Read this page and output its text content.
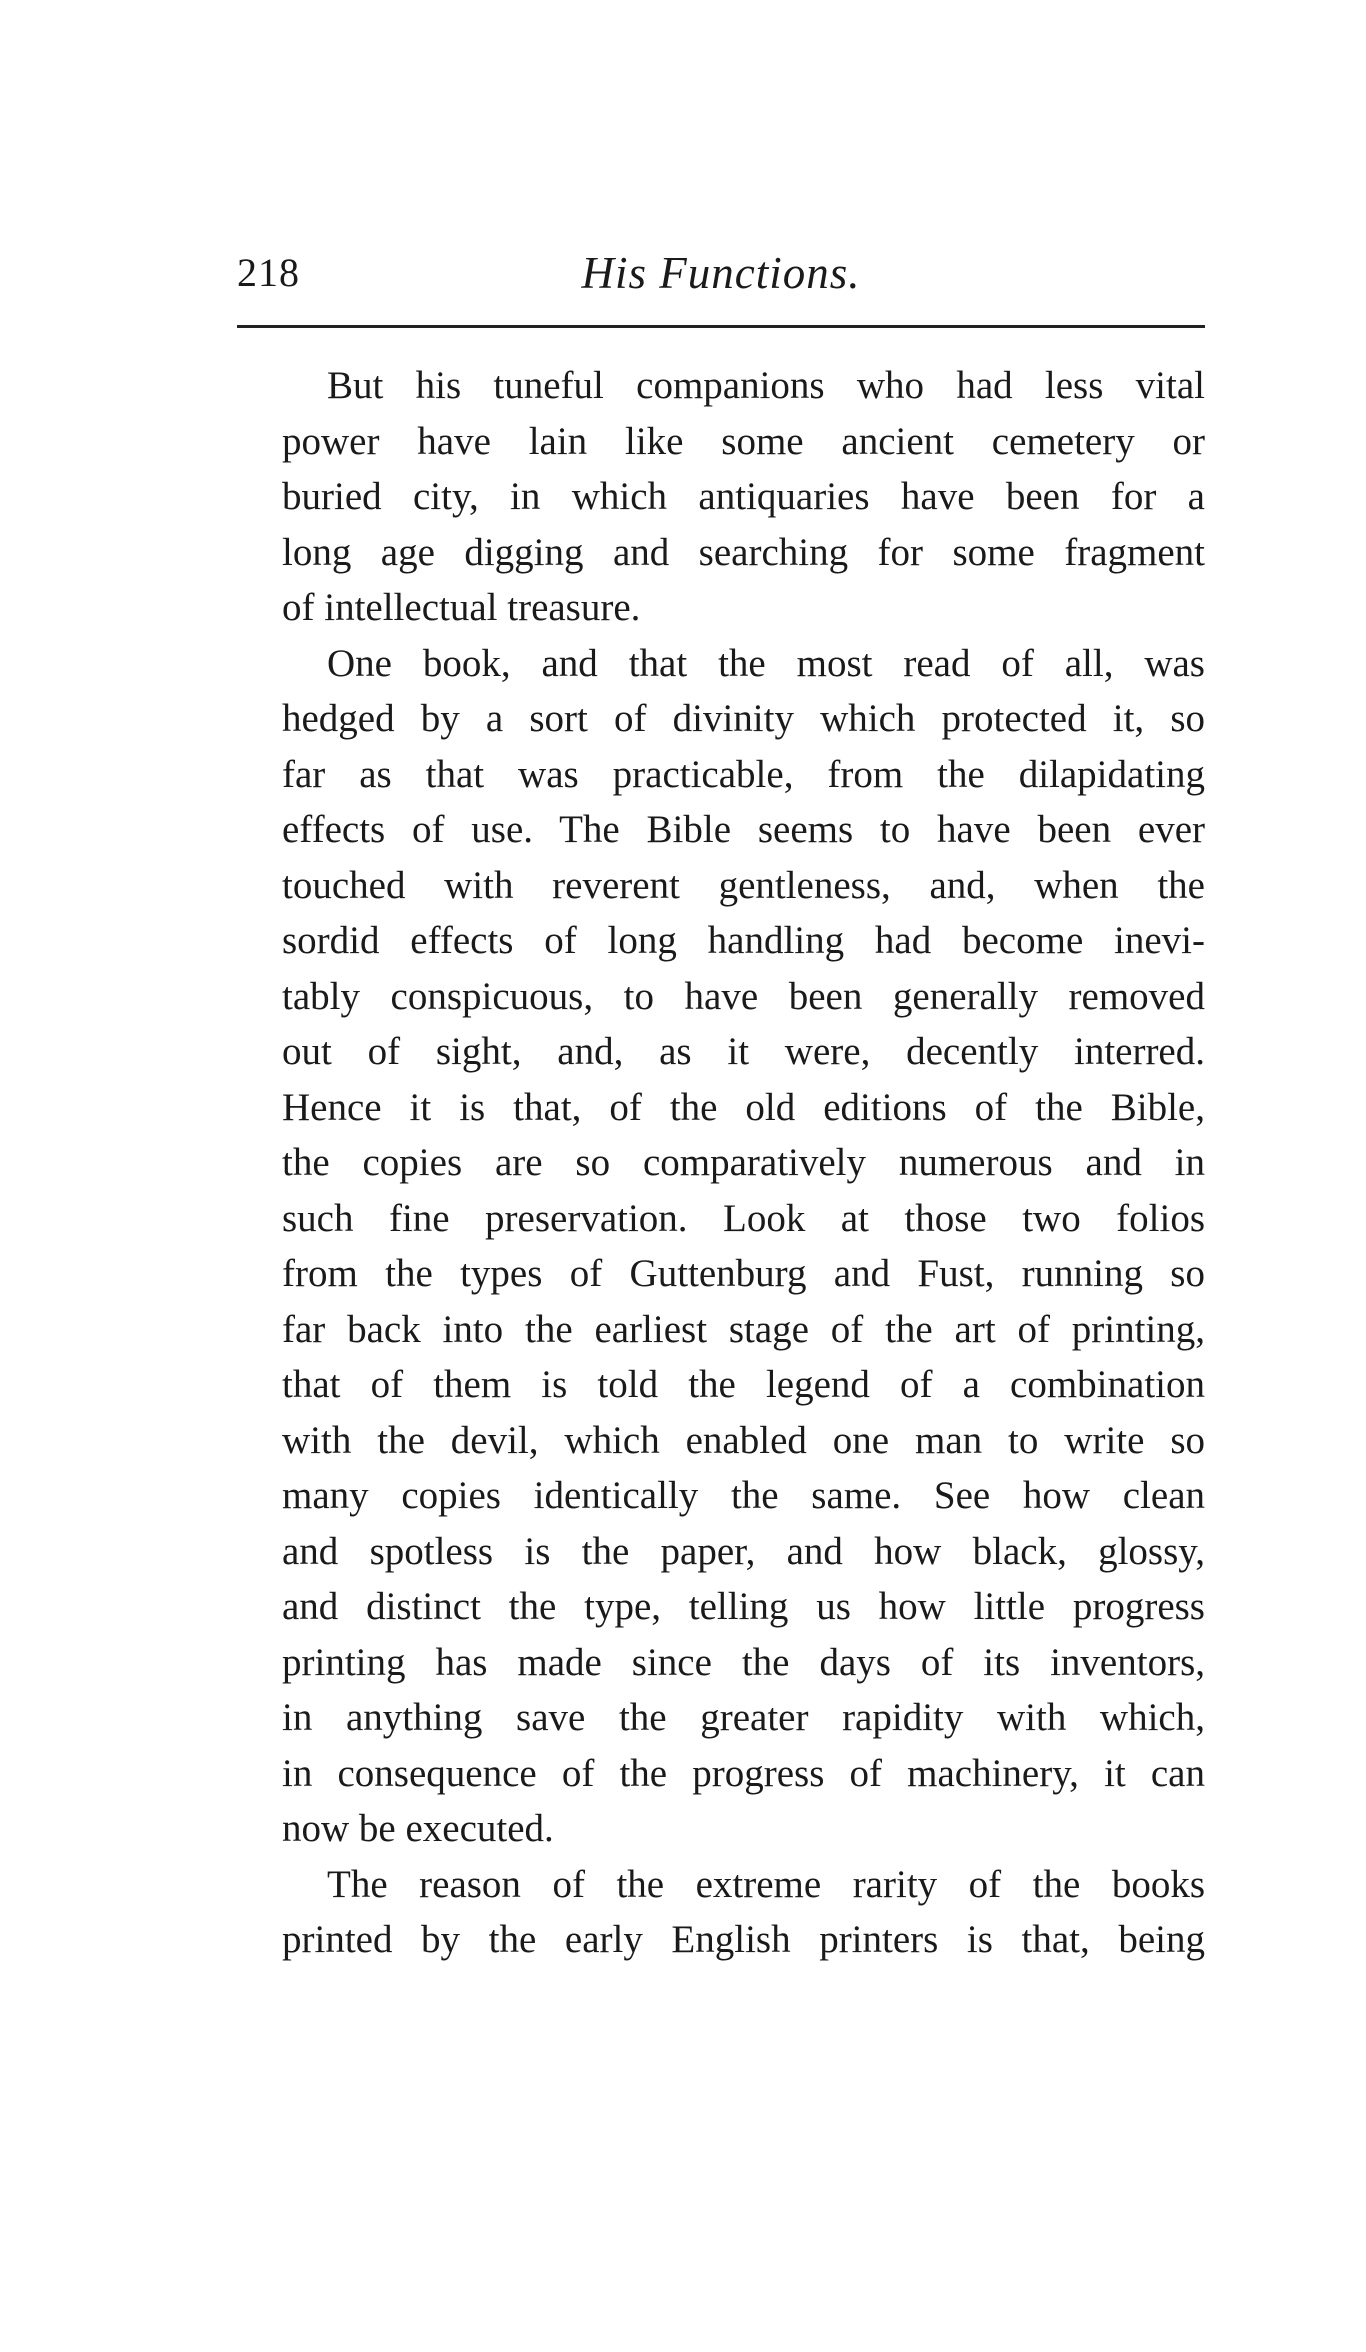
218	His Functions.
But his tuneful companions who had less vital
power have lain like some ancient cemetery or
buried city, in which antiquaries have been for a
long age digging and searching for some fragment
of intellectual treasure.
One book, and that the most read of all, was
hedged by a sort of divinity which protected it, so
far as that was practicable, from the dilapidating
effects of use. The Bible seems to have been ever
touched with reverent gentleness, and, when the
sordid effects of long handling had become inevi-
tably conspicuous, to have been generally removed
out of sight, and, as it were, decently interred.
Hence it is that, of the old editions of the Bible,
the copies are so comparatively numerous and in
such fine preservation. Look at those two folios
from the types of Guttenburg and Fust, running so
far back into the earliest stage of the art of printing,
that of them is told the legend of a combination
with the devil, which enabled one man to write so
many copies identically the same. See how clean
and spotless is the paper, and how black, glossy,
and distinct the type, telling us how little progress
printing has made since the days of its inventors,
in anything save the greater rapidity with which,
in consequence of the progress of machinery, it can
now be executed.
The reason of the extreme rarity of the books
printed by the early English printers is that, being
